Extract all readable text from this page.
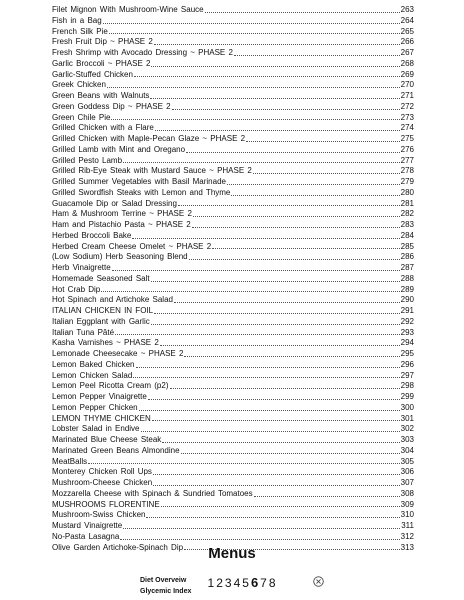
Filet Mignon With Mushroom-Wine Sauce	263
Fish in a Bag	264
French Silk Pie	265
Fresh Fruit Dip ~ PHASE 2	266
Fresh Shrimp with Avocado Dressing ~ PHASE 2	267
Garlic Broccoli ~ PHASE 2	268
Garlic-Stuffed Chicken	269
Greek Chicken	270
Green Beans with Walnuts	271
Green Goddess Dip ~ PHASE 2	272
Green Chile Pie	273
Grilled Chicken with a Flare	274
Grilled Chicken with Maple-Pecan Glaze ~ PHASE 2	275
Grilled Lamb with Mint and Oregano	276
Grilled Pesto Lamb	277
Grilled Rib-Eye Steak with Mustard Sauce ~ PHASE 2	278
Grilled Summer Vegetables with Basil Marinade	279
Grilled Swordfish Steaks with Lemon and Thyme	280
Guacamole Dip or Salad Dressing	281
Ham & Mushroom Terrine ~ PHASE 2	282
Ham and Pistachio Pasta ~ PHASE 2	283
Herbed Broccoli Bake	284
Herbed Cream Cheese Omelet ~ PHASE 2	285
(Low Sodium) Herb Seasoning Blend	286
Herb Vinaigrette	287
Homemade Seasoned Salt	288
Hot Crab Dip	289
Hot Spinach and Artichoke Salad	290
ITALIAN CHICKEN IN FOIL	291
Italian Eggplant with Garlic	292
Italian Tuna Pâté	293
Kasha Varnishes ~ PHASE 2	294
Lemonade Cheesecake ~ PHASE 2	295
Lemon Baked Chicken	296
Lemon Chicken Salad	297
Lemon Peel Ricotta Cream (p2)	298
Lemon Pepper Vinaigrette	299
Lemon Pepper Chicken	300
LEMON THYME CHICKEN	301
Lobster Salad in Endive	302
Marinated Blue Cheese Steak	303
Marinated Green Beans Almondine	304
MeatBalls	305
Monterey Chicken Roll Ups	306
Mushroom-Cheese Chicken	307
Mozzarella Cheese with Spinach & Sundried Tomatoes	308
MUSHROOMS FLORENTINE	309
Mushroom-Swiss Chicken	310
Mustard Vinaigrette	311
No-Pasta Lasagna	312
Olive Garden Artichoke-Spinach Dip	313
Menus
Diet Overveiw
Glycemic Index
12345678
